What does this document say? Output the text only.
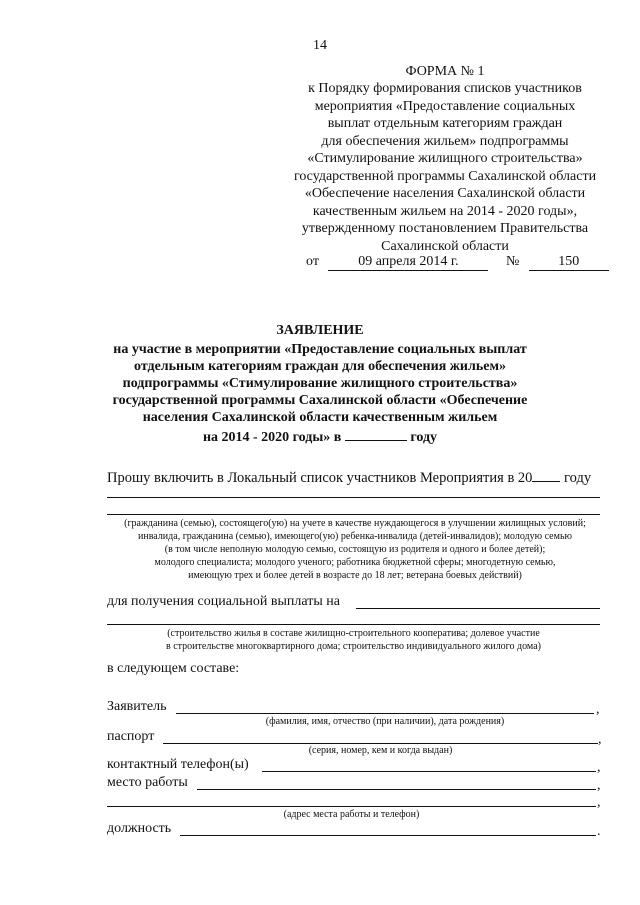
14
ФОРМА № 1
к Порядку формирования списков участников
мероприятия «Предоставление социальных
выплат отдельным категориям граждан
для обеспечения жильем» подпрограммы
«Стимулирование жилищного строительства»
государственной программы Сахалинской области
«Обеспечение населения Сахалинской области
качественным жильем на 2014 - 2020 годы»,
утвержденному постановлением Правительства
Сахалинской области
от	09 апреля 2014 г.	№	150
ЗАЯВЛЕНИЕ
на участие в мероприятии «Предоставление социальных выплат
отдельным категориям граждан для обеспечения жильем»
подпрограммы «Стимулирование жилищного строительства»
государственной программы Сахалинской области «Обеспечение
населения Сахалинской области качественным жильем
на 2014 - 2020 годы» в	году
Прошу включить в Локальный список участников Мероприятия в 20 году
(гражданина (семью), состоящего(ую) на учете в качестве нуждающегося в улучшении жилищных условий;
инвалида, гражданина (семью), имеющего(ую) ребенка-инвалида (детей-инвалидов); молодую семью
(в том числе неполную молодую семью, состоящую из родителя и одного и более детей);
молодого специалиста; молодого ученого; работника бюджетной сферы; многодетную семью,
имеющую трех и более детей в возрасте до 18 лет; ветерана боевых действий)
для получения социальной выплаты на
(строительство жилья в составе жилищно-строительного кооператива; долевое участие
в строительстве многоквартирного дома; строительство индивидуального жилого дома)
в следующем составе:
Заявитель	,
(фамилия, имя, отчество (при наличии), дата рождения)
паспорт	,
(серия, номер, кем и когда выдан)
контактный телефон(ы)	,
место работы	,
,
(адрес места работы и телефон)
должность	.
